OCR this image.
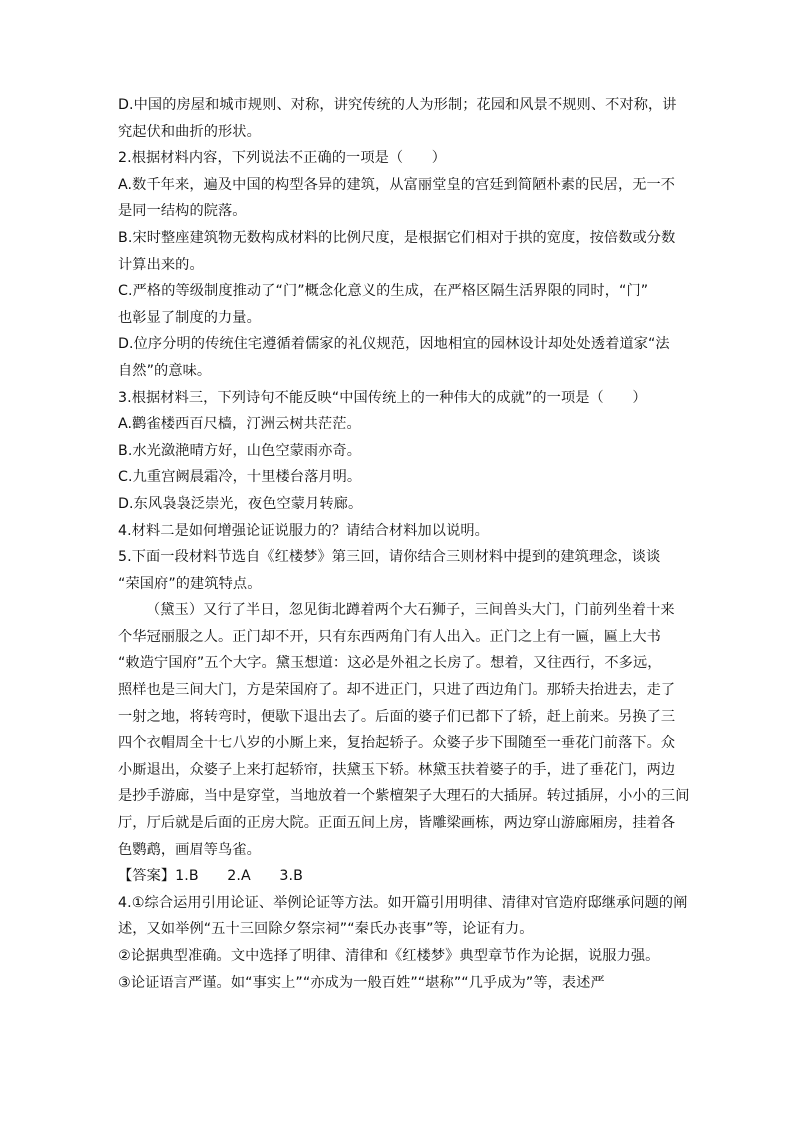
D.中国的房屋和城市规则、对称，讲究传统的人为形制；花园和风景不规则、不对称，讲
究起伏和曲折的形状。
2.根据材料内容，下列说法不正确的一项是（　　）
A.数千年来，遍及中国的构型各异的建筑，从富丽堂皇的宫廷到简陋朴素的民居，无一不
是同一结构的院落。
B.宋时整座建筑物无数构成材料的比例尺度，是根据它们相对于拱的宽度，按倍数或分数
计算出来的。
C.严格的等级制度推动了“门”概念化意义的生成，在严格区隔生活界限的同时，“门”
也彰显了制度的力量。
D.位序分明的传统住宅遵循着儒家的礼仪规范，因地相宜的园林设计却处处透着道家“法
自然”的意味。
3.根据材料三，下列诗句不能反映“中国传统上的一种伟大的成就”的一项是（　　）
A.鹳雀楼西百尺樯，汀洲云树共茫茫。
B.水光潋滟晴方好，山色空蒙雨亦奇。
C.九重宫阙晨霜冷，十里楼台落月明。
D.东风袅袅泛崇光，夜色空蒙月转廊。
4.材料二是如何增强论证说服力的？请结合材料加以说明。
5.下面一段材料节选自《红楼梦》第三回，请你结合三则材料中提到的建筑理念，谈谈
“荣国府”的建筑特点。
（黛玉）又行了半日，忽见街北蹲着两个大石狮子，三间兽头大门，门前列坐着十来
个华冠丽服之人。正门却不开，只有东西两角门有人出入。正门之上有一匾，匾上大书
“敕造宁国府”五个大字。黛玉想道：这必是外祖之长房了。想着，又往西行，不多远，
照样也是三间大门，方是荣国府了。却不进正门，只进了西边角门。那轿夫抬进去，走了
一射之地，将转弯时，便歇下退出去了。后面的婆子们已都下了轿，赶上前来。另换了三
四个衣帽周全十七八岁的小厮上来，复抬起轿子。众婆子步下围随至一垂花门前落下。众
小厮退出，众婆子上来打起轿帘，扶黛玉下轿。林黛玉扶着婆子的手，进了垂花门，两边
是抄手游廊，当中是穿堂，当地放着一个紫檀架子大理石的大插屏。转过插屏，小小的三间
厅，厅后就是后面的正房大院。正面五间上房，皆雕梁画栋，两边穿山游廊厢房，挂着各
色鹦鹉，画眉等鸟雀。
【答案】1.B　　2.A　　3.B
4.①综合运用引用论证、举例论证等方法。如开篇引用明律、清律对官造府邸继承问题的阐
述，又如举例“五十三回除夕祭宗祠”“秦氏办丧事”等，论证有力。
②论据典型准确。文中选择了明律、清律和《红楼梦》典型章节作为论据，说服力强。
③论证语言严谨。如“事实上”“亦成为一般百姓”“堪称”“几乎成为”等，表述严
